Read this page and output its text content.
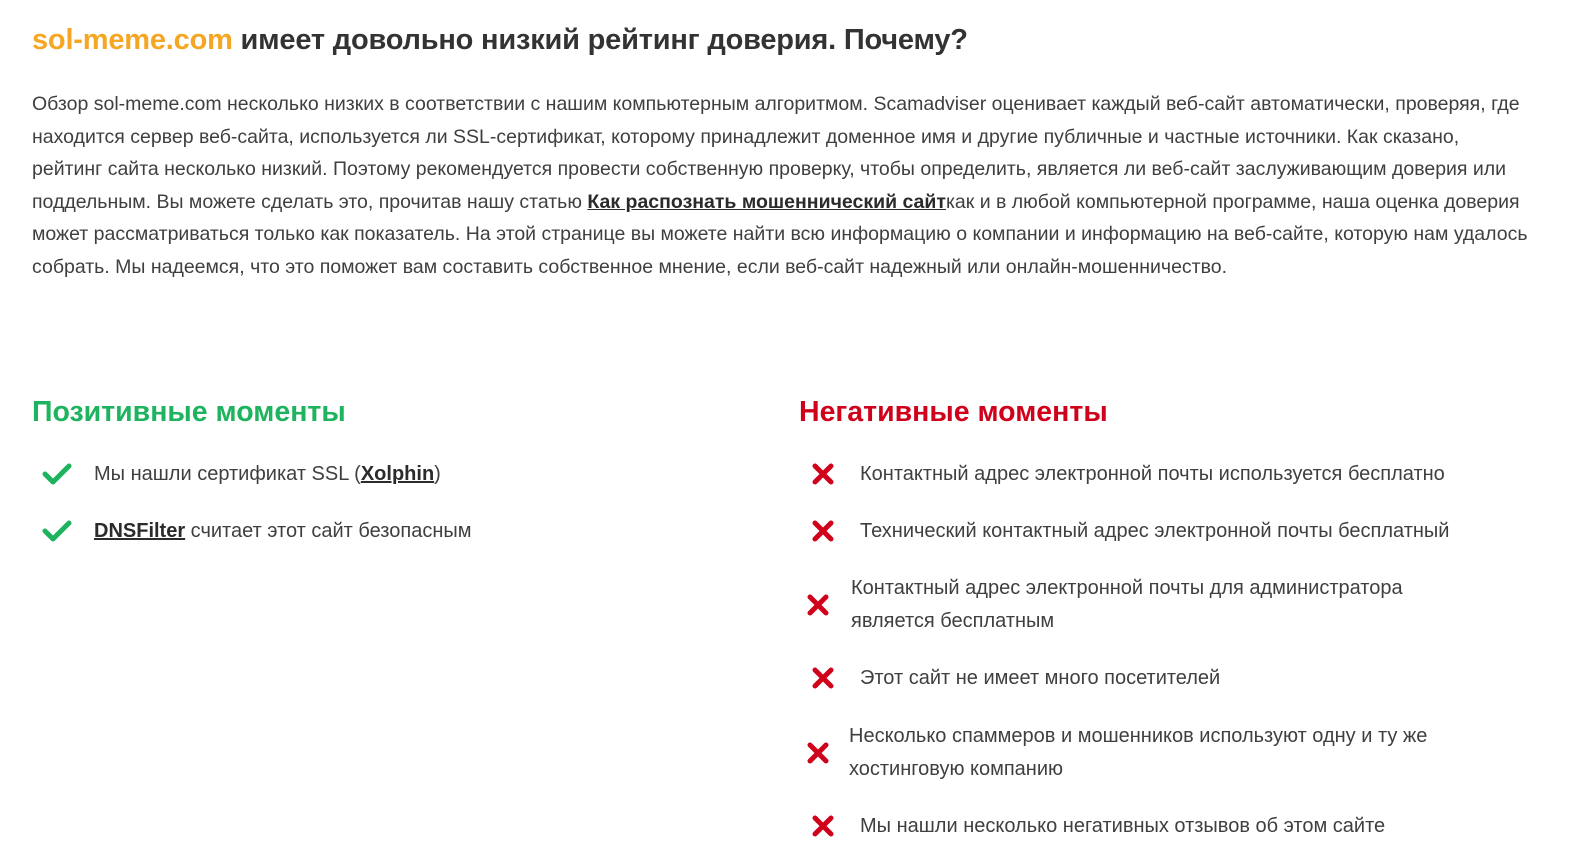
sol-meme.com имеет довольно низкий рейтинг доверия. Почему?

Обзор sol-meme.com несколько низких в соответствии с нашим компьютерным алгоритмом. Scamadviser оценивает каждый веб-сайт автоматически, проверяя, где находится сервер веб-сайта, используется ли SSL-сертификат, которому принадлежит доменное имя и другие публичные и частные источники. Как сказано, рейтинг сайта несколько низкий. Поэтому рекомендуется провести собственную проверку, чтобы определить, является ли веб-сайт заслуживающим доверия или поддельным. Вы можете сделать это, прочитав нашу статью Как распознать мошеннический сайткак и в любой компьютерной программе, наша оценка доверия может рассматриваться только как показатель. На этой странице вы можете найти всю информацию о компании и информацию на веб-сайте, которую нам удалось собрать. Мы надеемся, что это поможет вам составить собственное мнение, если веб-сайт надежный или онлайн-мошенничество.

Позитивные моменты	Негативные моменты
Мы нашли сертификат SSL (Xolphin)
DNSFilter считает этот сайт безопасным
Контактный адрес электронной почты используется бесплатно
Технический контактный адрес электронной почты бесплатный
Контактный адрес электронной почты для администратора является бесплатным
Этот сайт не имеет много посетителей
Несколько спаммеров и мошенников используют одну и ту же хостинговую компанию
Мы нашли несколько негативных отзывов об этом сайте
